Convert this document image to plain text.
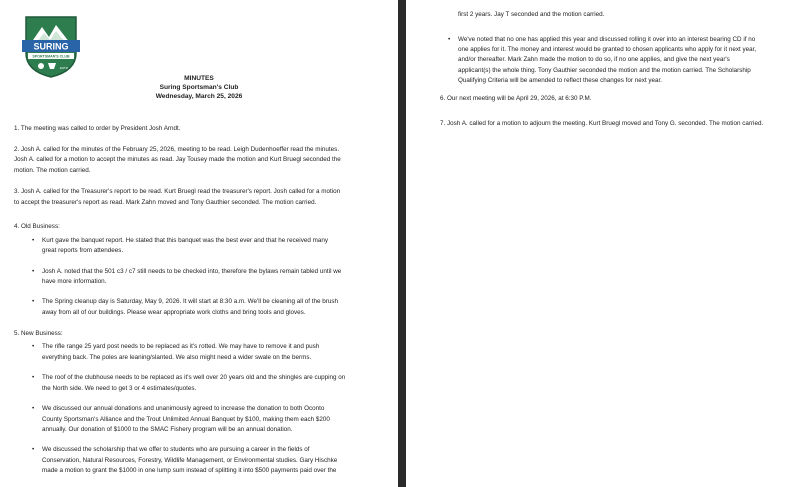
SURING
SPORTSMAN'S CLUB
ESTD
MINUTES
Suring Sportsman's Club
Wednesday, March 25, 2026
1. The meeting was called to order by President Josh Arndt.
2. Josh A. called for the minutes of the February 25, 2026, meeting to be read. Leigh Dudenhoeffer read the minutes.
Josh A. called for a motion to accept the minutes as read. Jay Tousey made the motion and Kurt Bruegl seconded the
motion. The motion carried.
3. Josh A. called for the Treasurer's report to be read. Kurt Bruegl read the treasurer's report. Josh called for a motion
to accept the treasurer's report as read. Mark Zahn moved and Tony Gauthier seconded. The motion carried.
4. Old Business:
• Kurt gave the banquet report. He stated that this banquet was the best ever and that he received many
great reports from attendees.
• Josh A. noted that the 501 c3 / c7 still needs to be checked into, therefore the bylaws remain tabled until we
have more information.
• The Spring cleanup day is Saturday, May 9, 2026. It will start at 8:30 a.m. We'll be cleaning all of the brush
away from all of our buildings. Please wear appropriate work cloths and bring tools and gloves.
5. New Business:
• The rifle range 25 yard post needs to be replaced as it's rotted. We may have to remove it and push
everything back. The poles are leaning/slanted. We also might need a wider swale on the berms.
• The roof of the clubhouse needs to be replaced as it's well over 20 years old and the shingles are cupping on
the North side. We need to get 3 or 4 estimates/quotes.
• We discussed our annual donations and unanimously agreed to increase the donation to both Oconto
County Sportsman's Alliance and the Trout Unlimited Annual Banquet by $100, making them each $200
annually. Our donation of $1000 to the SMAC Fishery program will be an annual donation.
• We discussed the scholarship that we offer to students who are pursuing a career in the fields of
Conservation, Natural Resources, Forestry, Wildlife Management, or Environmental studies. Gary Hischke
made a motion to grant the $1000 in one lump sum instead of splitting it into $500 payments paid over the
first 2 years. Jay T seconded and the motion carried.
• We've noted that no one has applied this year and discussed rolling it over into an interest bearing CD if no
one applies for it. The money and interest would be granted to chosen applicants who apply for it next year,
and/or thereafter. Mark Zahn made the motion to do so, if no one applies, and give the next year's
applicant(s) the whole thing. Tony Gauthier seconded the motion and the motion carried. The Scholarship
Qualifying Criteria will be amended to reflect these changes for next year.
6. Our next meeting will be April 29, 2026, at 6:30 P.M.
7. Josh A. called for a motion to adjourn the meeting. Kurt Bruegl moved and Tony G. seconded. The motion carried.
